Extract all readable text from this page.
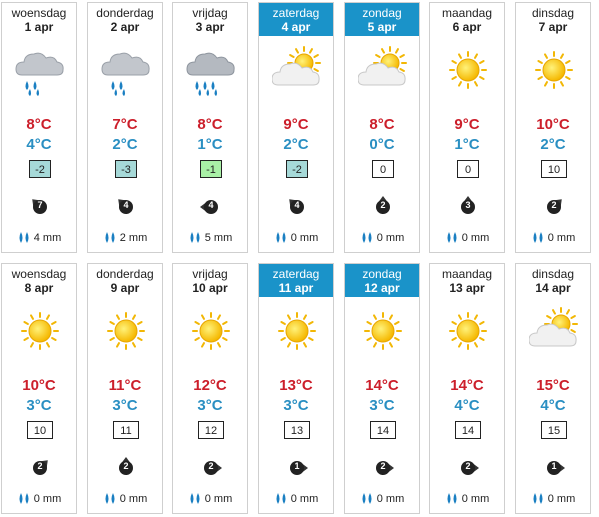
woensdag
1 apr
8°C
4°C
-2
7
4 mm
donderdag
2 apr
7°C
2°C
-3
4
2 mm
vrijdag
3 apr
8°C
1°C
-1
4
5 mm
zaterdag
4 apr
9°C
2°C
-2
4
0 mm
zondag
5 apr
8°C
0°C
0
2
0 mm
maandag
6 apr
9°C
1°C
0
3
0 mm
dinsdag
7 apr
10°C
2°C
10
2
0 mm
woensdag
8 apr
10°C
3°C
10
2
0 mm
donderdag
9 apr
11°C
3°C
11
2
0 mm
vrijdag
10 apr
12°C
3°C
12
2
0 mm
zaterdag
11 apr
13°C
3°C
13
1
0 mm
zondag
12 apr
14°C
3°C
14
2
0 mm
maandag
13 apr
14°C
4°C
14
2
0 mm
dinsdag
14 apr
15°C
4°C
15
1
0 mm
